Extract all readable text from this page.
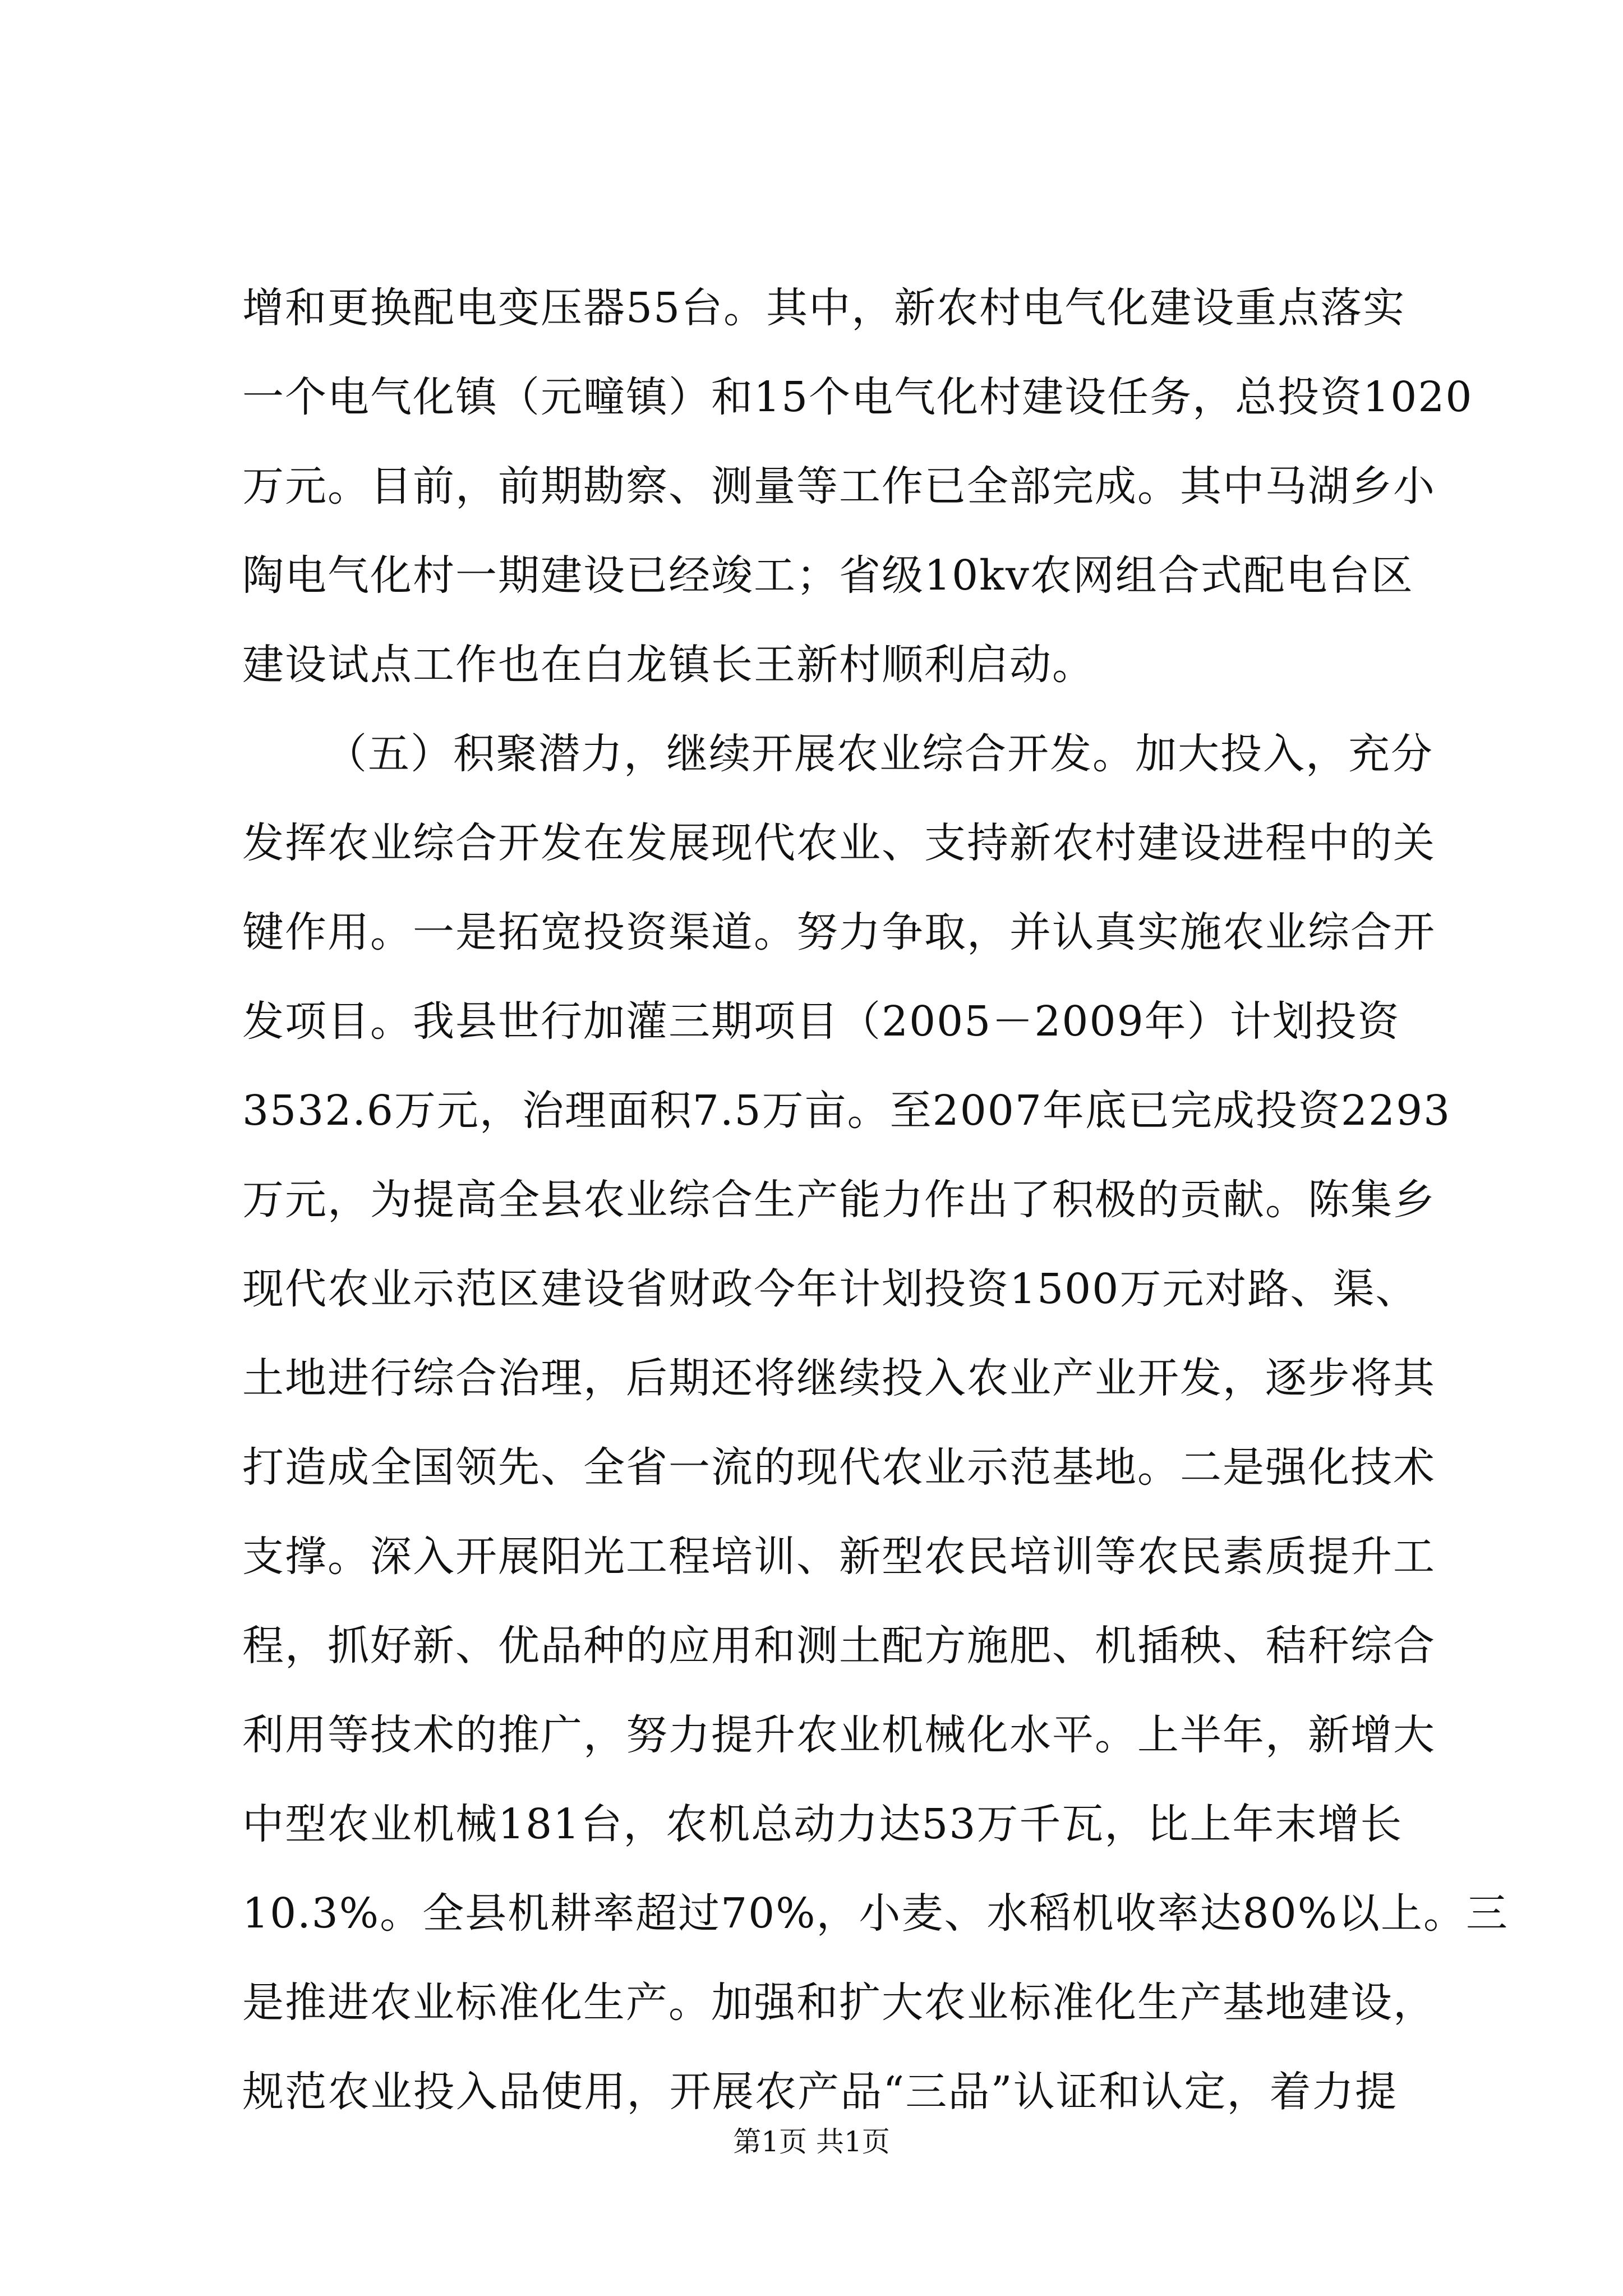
增和更换配电变压器55台。其中，新农村电气化建设重点落实
一个电气化镇（元疃镇）和15个电气化村建设任务，总投资1020
万元。目前，前期勘察、测量等工作已全部完成。其中马湖乡小
陶电气化村一期建设已经竣工；省级10kv农网组合式配电台区
建设试点工作也在白龙镇长王新村顺利启动。
（五）积聚潜力，继续开展农业综合开发。加大投入，充分
发挥农业综合开发在发展现代农业、支持新农村建设进程中的关
键作用。一是拓宽投资渠道。努力争取，并认真实施农业综合开
发项目。我县世行加灌三期项目（2005－2009年）计划投资
3532.6万元，治理面积7.5万亩。至2007年底已完成投资2293
万元，为提高全县农业综合生产能力作出了积极的贡献。陈集乡
现代农业示范区建设省财政今年计划投资1500万元对路、渠、
土地进行综合治理，后期还将继续投入农业产业开发，逐步将其
打造成全国领先、全省一流的现代农业示范基地。二是强化技术
支撑。深入开展阳光工程培训、新型农民培训等农民素质提升工
程，抓好新、优品种的应用和测土配方施肥、机插秧、秸秆综合
利用等技术的推广，努力提升农业机械化水平。上半年，新增大
中型农业机械181台，农机总动力达53万千瓦，比上年末增长
10.3%。全县机耕率超过70%，小麦、水稻机收率达80%以上。三
是推进农业标准化生产。加强和扩大农业标准化生产基地建设，
规范农业投入品使用，开展农产品“三品”认证和认定，着力提
第1页 共1页
